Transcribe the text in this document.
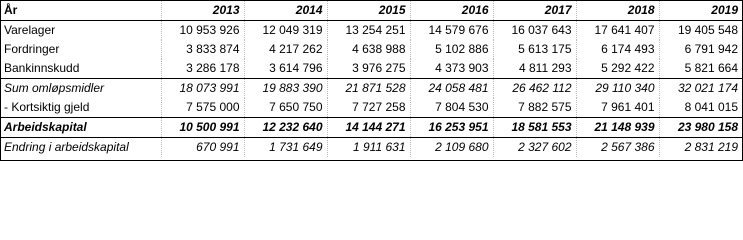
År	2013	2014	2015	2016	2017	2018	2019
Varelager	10 953 926	12 049 319	13 254 251	14 579 676	16 037 643	17 641 407	19 405 548
Fordringer	3 833 874	4 217 262	4 638 988	5 102 886	5 613 175	6 174 493	6 791 942
Bankinnskudd	3 286 178	3 614 796	3 976 275	4 373 903	4 811 293	5 292 422	5 821 664
Sum omløpsmidler	18 073 991	19 883 390	21 871 528	24 058 481	26 462 112	29 110 340	32 021 174
- Kortsiktig gjeld	7 575 000	7 650 750	7 727 258	7 804 530	7 882 575	7 961 401	8 041 015
Arbeidskapital	10 500 991	12 232 640	14 144 271	16 253 951	18 581 553	21 148 939	23 980 158
Endring i arbeidskapital	670 991	1 731 649	1 911 631	2 109 680	2 327 602	2 567 386	2 831 219
